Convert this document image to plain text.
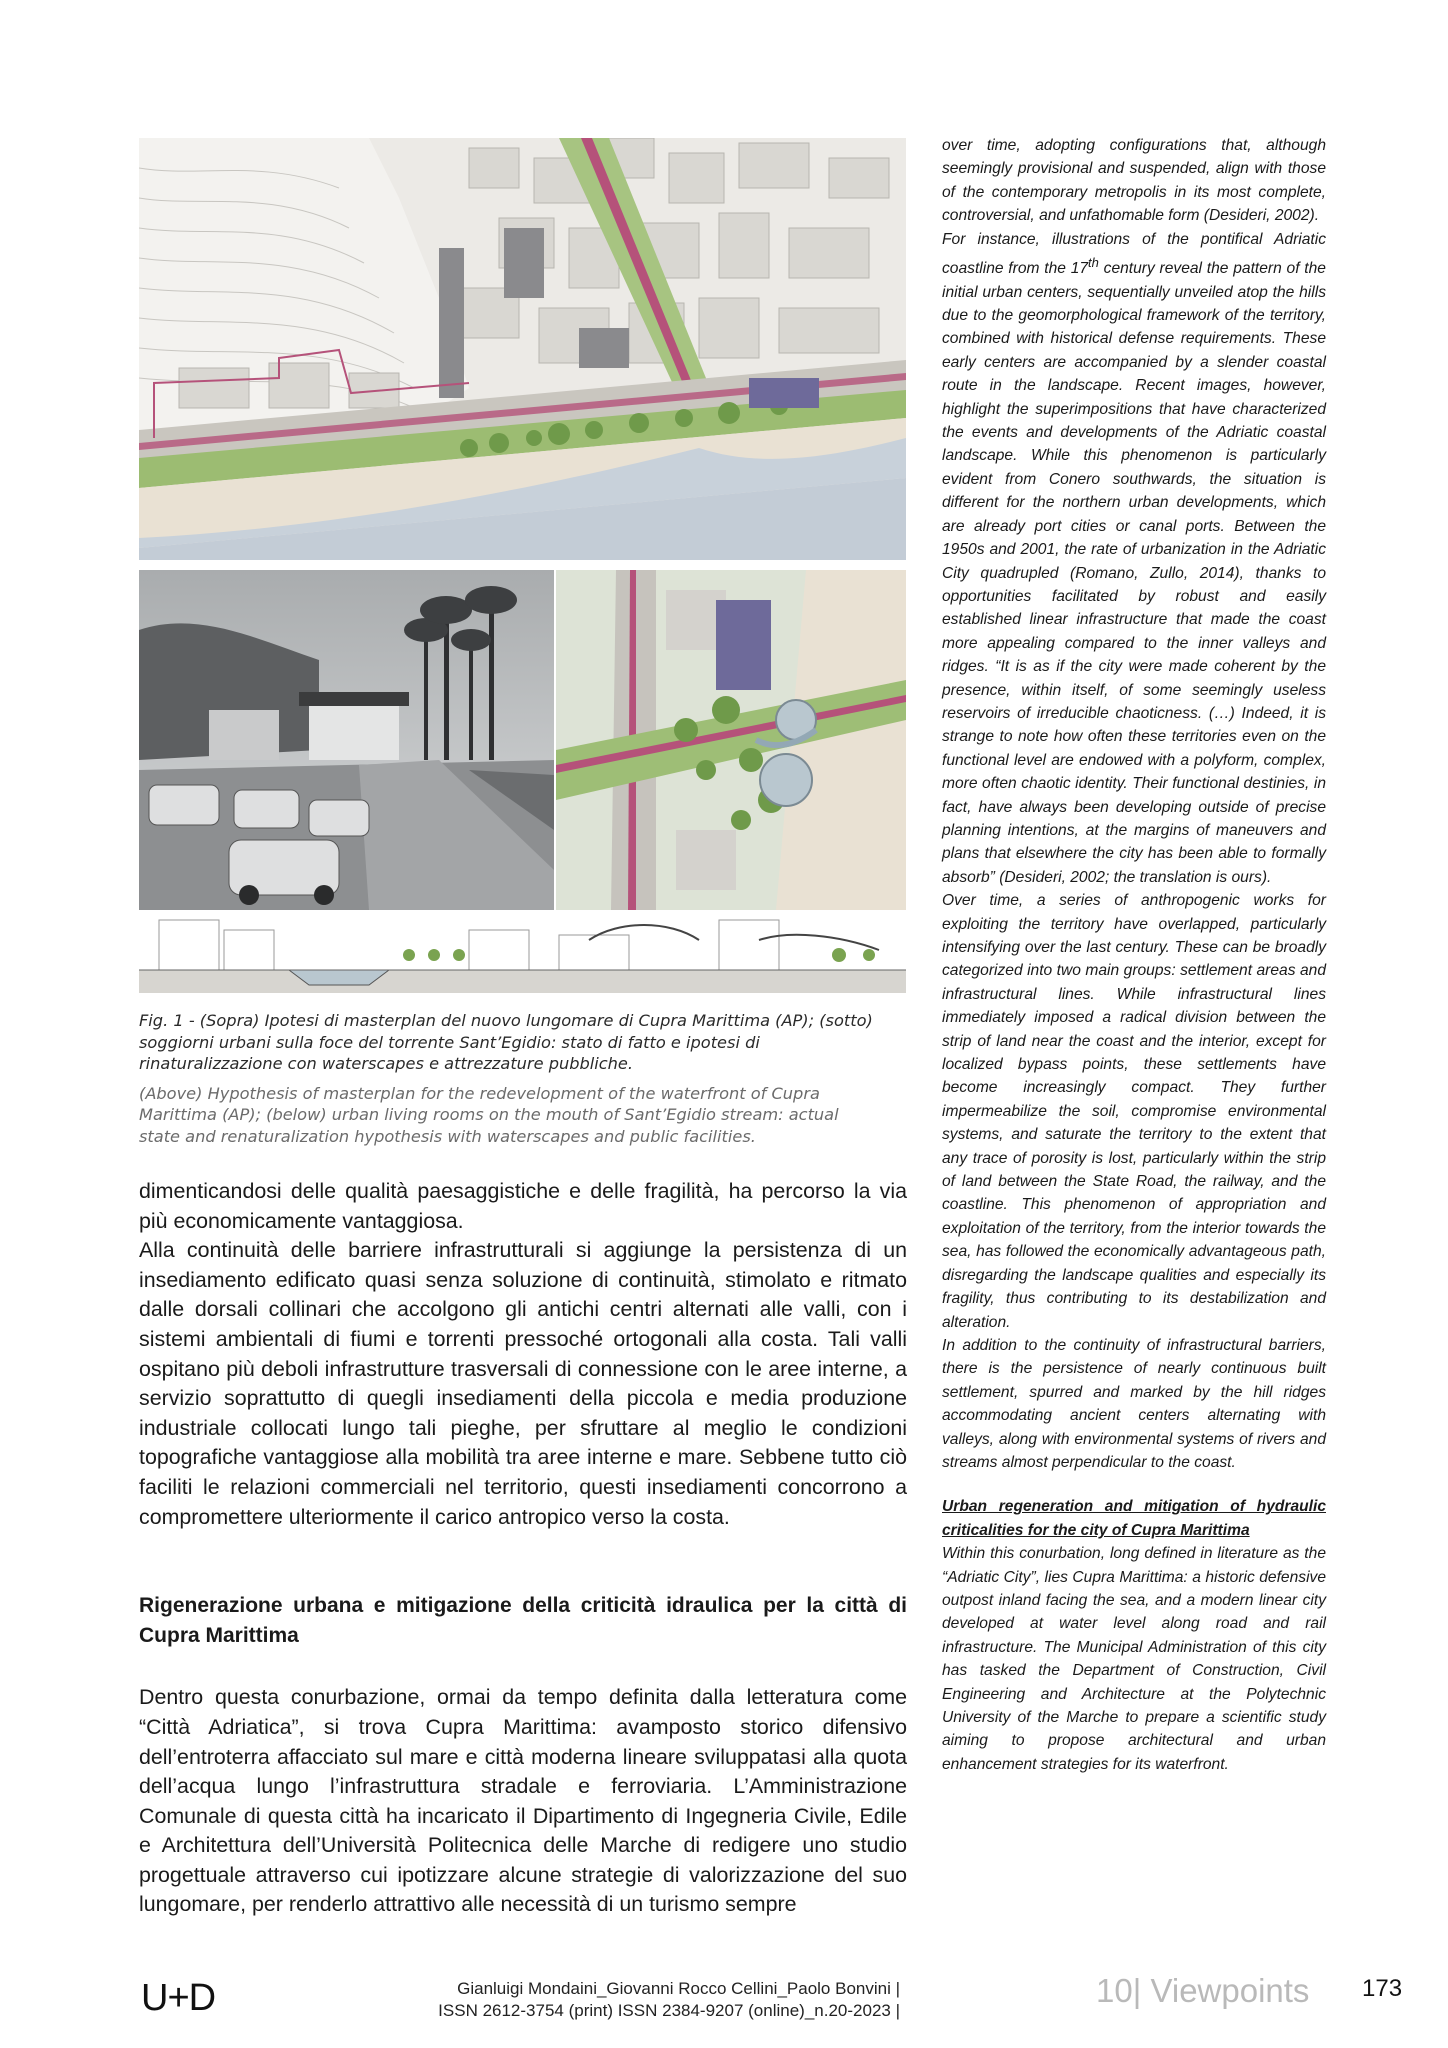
Fig. 1 - (Sopra) Ipotesi di masterplan del nuovo lungomare di Cupra Marittima (AP); (sotto) soggiorni urbani sulla foce del torrente Sant’Egidio: stato di fatto e ipotesi di rinaturalizzazione con waterscapes e attrezzature pubbliche.

(Above) Hypothesis of masterplan for the redevelopment of the waterfront of Cupra Marittima (AP); (below) urban living rooms on the mouth of Sant’Egidio stream: actual state and renaturalization hypothesis with waterscapes and public facilities.

dimenticandosi delle qualità paesaggistiche e delle fragilità, ha percorso la via più economicamente vantaggiosa.

Alla continuità delle barriere infrastrutturali si aggiunge la persistenza di un insediamento edificato quasi senza soluzione di continuità, stimolato e ritmato dalle dorsali collinari che accolgono gli antichi centri alternati alle valli, con i sistemi ambientali di fiumi e torrenti pressoché ortogonali alla costa. Tali valli ospitano più deboli infrastrutture trasversali di connessione con le aree interne, a servizio soprattutto di quegli insediamenti della piccola e media produzione industriale collocati lungo tali pieghe, per sfruttare al meglio le condizioni topografiche vantaggiose alla mobilità tra aree interne e mare. Sebbene tutto ciò faciliti le relazioni commerciali nel territorio, questi insediamenti concorrono a compromettere ulteriormente il carico antropico verso la costa.

Rigenerazione urbana e mitigazione della criticità idraulica per la città di Cupra Marittima

Dentro questa conurbazione, ormai da tempo definita dalla letteratura come “Città Adriatica”, si trova Cupra Marittima: avamposto storico difensivo dell’entroterra affacciato sul mare e città moderna lineare sviluppatasi alla quota dell’acqua lungo l’infrastruttura stradale e ferroviaria. L’Amministrazione Comunale di questa città ha incaricato il Dipartimento di Ingegneria Civile, Edile e Architettura dell’Università Politecnica delle Marche di redigere uno studio progettuale attraverso cui ipotizzare alcune strategie di valorizzazione del suo lungomare, per renderlo attrattivo alle necessità di un turismo sempre

over time, adopting configurations that, although seemingly provisional and suspended, align with those of the contemporary metropolis in its most complete, controversial, and unfathomable form (Desideri, 2002).

For instance, illustrations of the pontifical Adriatic coastline from the 17th century reveal the pattern of the initial urban centers, sequentially unveiled atop the hills due to the geomorphological framework of the territory, combined with historical defense requirements. These early centers are accompanied by a slender coastal route in the landscape. Recent images, however, highlight the superimpositions that have characterized the events and developments of the Adriatic coastal landscape. While this phenomenon is particularly evident from Conero southwards, the situation is different for the northern urban developments, which are already port cities or canal ports. Between the 1950s and 2001, the rate of urbanization in the Adriatic City quadrupled (Romano, Zullo, 2014), thanks to opportunities facilitated by robust and easily established linear infrastructure that made the coast more appealing compared to the inner valleys and ridges. “It is as if the city were made coherent by the presence, within itself, of some seemingly useless reservoirs of irreducible chaoticness. (…) Indeed, it is strange to note how often these territories even on the functional level are endowed with a polyform, complex, more often chaotic identity. Their functional destinies, in fact, have always been developing outside of precise planning intentions, at the margins of maneuvers and plans that elsewhere the city has been able to formally absorb” (Desideri, 2002; the translation is ours).

Over time, a series of anthropogenic works for exploiting the territory have overlapped, particularly intensifying over the last century. These can be broadly categorized into two main groups: settlement areas and infrastructural lines. While infrastructural lines immediately imposed a radical division between the strip of land near the coast and the interior, except for localized bypass points, these settlements have become increasingly compact. They further impermeabilize the soil, compromise environmental systems, and saturate the territory to the extent that any trace of porosity is lost, particularly within the strip of land between the State Road, the railway, and the coastline. This phenomenon of appropriation and exploitation of the territory, from the interior towards the sea, has followed the economically advantageous path, disregarding the landscape qualities and especially its fragility, thus contributing to its destabilization and alteration.

In addition to the continuity of infrastructural barriers, there is the persistence of nearly continuous built settlement, spurred and marked by the hill ridges accommodating ancient centers alternating with valleys, along with environmental systems of rivers and streams almost perpendicular to the coast.

Urban regeneration and mitigation of hydraulic criticalities for the city of Cupra Marittima

Within this conurbation, long defined in literature as the “Adriatic City”, lies Cupra Marittima: a historic defensive outpost inland facing the sea, and a modern linear city developed at water level along road and rail infrastructure. The Municipal Administration of this city has tasked the Department of Construction, Civil Engineering and Architecture at the Polytechnic University of the Marche to prepare a scientific study aiming to propose architectural and urban enhancement strategies for its waterfront.

U+D	Gianluigi Mondaini_Giovanni Rocco Cellini_Paolo Bonvini |
ISSN 2612-3754 (print) ISSN 2384-9207 (online)_n.20-2023 |
10| Viewpoints 173
